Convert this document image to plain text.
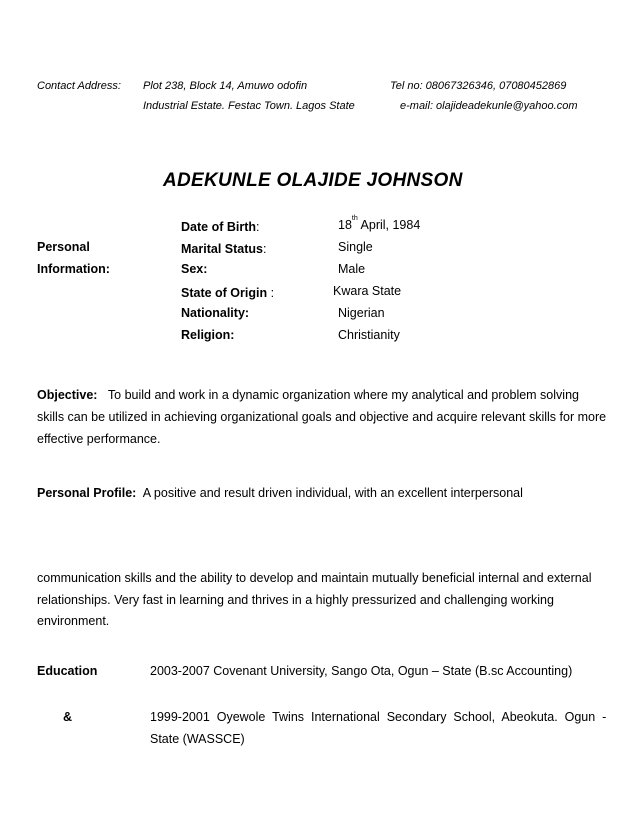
Contact Address: Plot 238, Block 14, Amuwo odofin
Industrial Estate. Festac Town. Lagos State
Tel no: 08067326346, 07080452869
e-mail: olajideadekunle@yahoo.com
ADEKUNLE OLAJIDE JOHNSON
Personal
Information:
Date of Birth:	18th April, 1984
Marital Status:	Single
Sex:	Male
State of Origin :	Kwara State
Nationality:	Nigerian
Religion:	Christianity
Objective: To build and work in a dynamic organization where my analytical and problem solving
skills can be utilized in achieving organizational goals and objective and acquire relevant skills for more
effective performance.
Personal Profile: A positive and result driven individual, with an excellent interpersonal
communication skills and the ability to develop and maintain mutually beneficial internal and external
relationships. Very fast in learning and thrives in a highly pressurized and challenging working
environment.
Education	2003-2007 Covenant University, Sango Ota, Ogun – State (B.sc Accounting)
&	1999-2001  Oyewole  Twins  International  Secondary  School,  Abeokuta.  Ogun  -
State (WASSCE)
